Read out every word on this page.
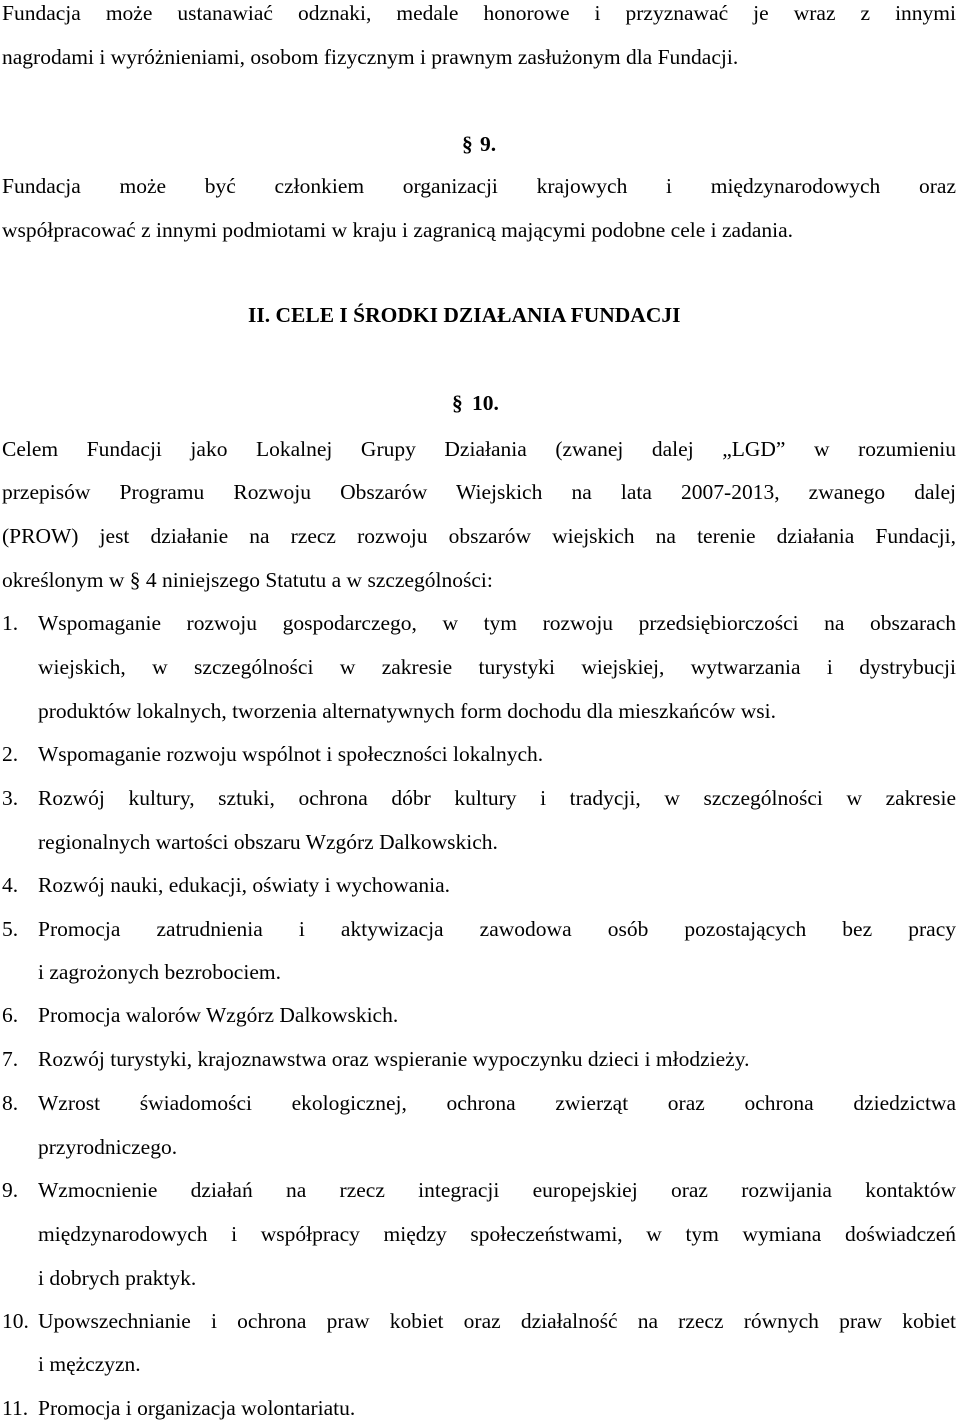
Fundacja może ustanawiać odznaki, medale honorowe i przyznawać je wraz z innymi
nagrodami i wyróżnieniami, osobom fizycznym i prawnym zasłużonym dla Fundacji.
§ 9.
Fundacja może być członkiem organizacji krajowych i międzynarodowych oraz
współpracować z innymi podmiotami w kraju i zagranicą mającymi podobne cele i zadania.
II. CELE I ŚRODKI DZIAŁANIA FUNDACJI
§ 10.
Celem Fundacji jako Lokalnej Grupy Działania (zwanej dalej „LGD” w rozumieniu
przepisów Programu Rozwoju Obszarów Wiejskich na lata 2007-2013, zwanego dalej
(PROW) jest działanie na rzecz rozwoju obszarów wiejskich na terenie działania Fundacji,
określonym w § 4 niniejszego Statutu a w szczególności:
1. Wspomaganie rozwoju gospodarczego, w tym rozwoju przedsiębiorczości na obszarach
wiejskich, w szczególności w zakresie turystyki wiejskiej, wytwarzania i dystrybucji
produktów lokalnych, tworzenia alternatywnych form dochodu dla mieszkańców wsi.
2. Wspomaganie rozwoju wspólnot i społeczności lokalnych.
3. Rozwój kultury, sztuki, ochrona dóbr kultury i tradycji, w szczególności w zakresie
regionalnych wartości obszaru Wzgórz Dalkowskich.
4. Rozwój nauki, edukacji, oświaty i wychowania.
5. Promocja zatrudnienia i aktywizacja zawodowa osób pozostających bez pracy
i zagrożonych bezrobociem.
6. Promocja walorów Wzgórz Dalkowskich.
7. Rozwój turystyki, krajoznawstwa oraz wspieranie wypoczynku dzieci i młodzieży.
8. Wzrost świadomości ekologicznej, ochrona zwierząt oraz ochrona dziedzictwa
przyrodniczego.
9. Wzmocnienie działań na rzecz integracji europejskiej oraz rozwijania kontaktów
międzynarodowych i współpracy między społeczeństwami, w tym wymiana doświadczeń
i dobrych praktyk.
10. Upowszechnianie i ochrona praw kobiet oraz działalność na rzecz równych praw kobiet
i mężczyzn.
11. Promocja i organizacja wolontariatu.
